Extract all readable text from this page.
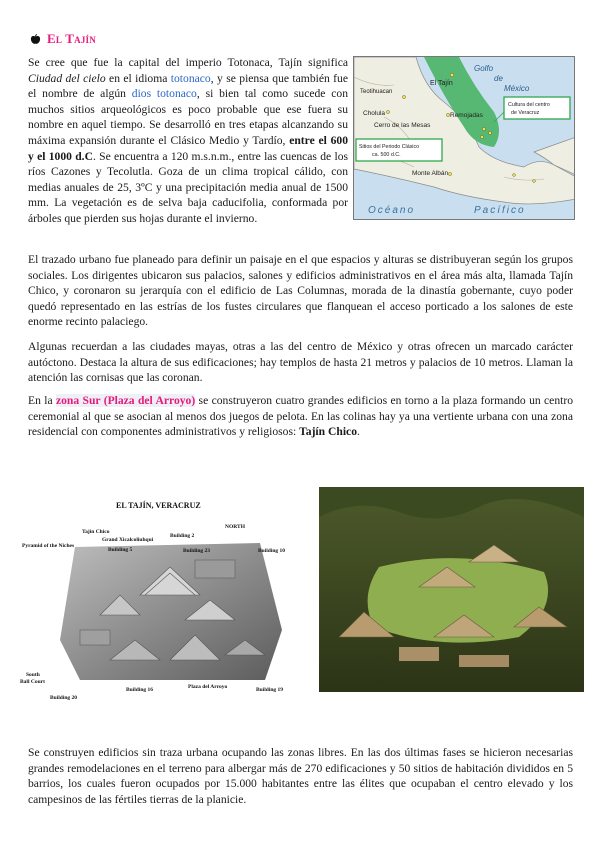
El Tajín

Se cree que fue la capital del imperio Totonaca, Tajín significa Ciudad del cielo en el idioma totonaco, y se piensa que también fue el nombre de algún dios totonaco, si bien tal como sucede con muchos sitios arqueológicos es poco probable que ese fuera su nombre en aquel tiempo. Se desarrolló en tres etapas alcanzando su máxima expansión durante el Clásico Medio y Tardío, entre el 600 y el 1000 d.C. Se encuentra a 120 m.s.n.m., entre las cuencas de los ríos Cazones y Tecolutla. Goza de un clima tropical cálido, con medias anuales de 25, 3ºC y una precipitación media anual de 1500 mm. La vegetación es de selva baja caducifolia, conformada por árboles que pierden sus hojas durante el invierno.

Golfo
de
México
El Tajín
Teotihuacan
Remojadas
Cholula
Cerro de las Mesas
Monte Albán
Cultura del centro
de Veracruz
Sitios del Periodo Clásico
ca. 500 d.C.
Océano	Pacífico

El trazado urbano fue planeado para definir un paisaje en el que espacios y alturas se distribuyeran según los grupos sociales. Los dirigentes ubicaron sus palacios, salones y edificios administrativos en el área más alta, llamada Tajín Chico, y coronaron su jerarquía con el edificio de Las Columnas, morada de la dinastía gobernante, cuyo poder quedó representado en las estrías de los fustes circulares que flanquean el acceso porticado a los salones de este enorme recinto palaciego.

Algunas recuerdan a las ciudades mayas, otras a las del centro de México y otras ofrecen un marcado carácter autóctono. Destaca la altura de sus edificaciones; hay templos de hasta 21 metros y palacios de 10 metros. Llaman la atención las cornisas que las coronan.

En la zona Sur (Plaza del Arroyo) se construyeron cuatro grandes edificios en torno a la plaza formando un centro ceremonial al que se asocian al menos dos juegos de pelota. En las colinas hay ya una vertiente urbana con una zona residencial con componentes administrativos y religiosos: Tajín Chico.

EL TAJÍN, VERACRUZ
NORTH
Tajin Chico
Building 2
Grand Xicalcoliuhqui
Pyramid of the Niches
Building 5	Building 23	Building 10
South
Ball Court
Building 16	Plaza del Arroyo	Building 19
Building 20

Se construyen edificios sin traza urbana ocupando las zonas libres. En las dos últimas fases se hicieron necesarias grandes remodelaciones en el terreno para albergar más de 270 edificaciones y 50 sitios de habitación divididos en 5 barrios, los cuales fueron ocupados por 15.000 habitantes entre las élites que ocupaban el centro elevado y los campesinos de las fértiles tierras de la planicie.
